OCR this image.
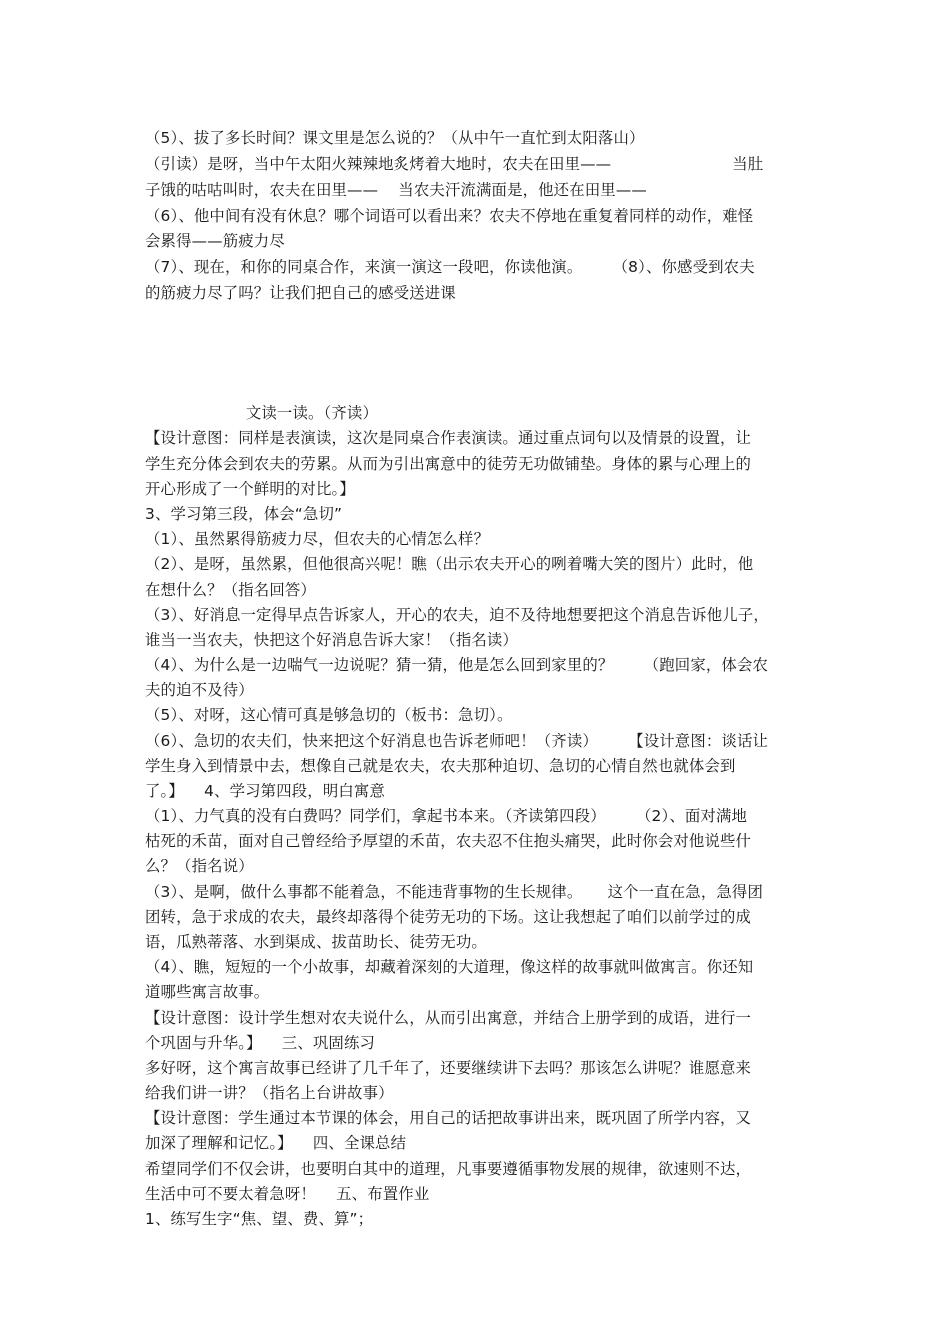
（5）、拔了多长时间？课文里是怎么说的？（从中午一直忙到太阳落山）
（引读）是呀，当中午太阳火辣辣地炙烤着大地时，农夫在田里——                        当肚
子饿的咕咕叫时，农夫在田里——    当农夫汗流满面是，他还在田里——
（6）、他中间有没有休息？哪个词语可以看出来？农夫不停地在重复着同样的动作，难怪
会累得——筋疲力尽
（7）、现在，和你的同桌合作，来演一演这一段吧，你读他演。      （8）、你感受到农夫
的筋疲力尽了吗？让我们把自己的感受送进课
文读一读。（齐读）
【设计意图：同样是表演读，这次是同桌合作表演读。通过重点词句以及情景的设置，让
学生充分体会到农夫的劳累。从而为引出寓意中的徒劳无功做铺垫。身体的累与心理上的
开心形成了一个鲜明的对比。】
3、学习第三段，体会“急切”
（1）、虽然累得筋疲力尽，但农夫的心情怎么样？
（2）、是呀，虽然累，但他很高兴呢！瞧（出示农夫开心的咧着嘴大笑的图片）此时，他
在想什么？（指名回答）
（3）、好消息一定得早点告诉家人，开心的农夫，迫不及待地想要把这个消息告诉他儿子，
谁当一当农夫，快把这个好消息告诉大家！（指名读）
（4）、为什么是一边喘气一边说呢？猜一猜，他是怎么回到家里的？      （跑回家，体会农
夫的迫不及待）
（5）、对呀，这心情可真是够急切的（板书：急切）。
（6）、急切的农夫们，快来把这个好消息也告诉老师吧！（齐读）      【设计意图：谈话让
学生身入到情景中去，想像自己就是农夫，农夫那种迫切、急切的心情自然也就体会到
了。】    4、学习第四段，明白寓意
（1）、力气真的没有白费吗？同学们，拿起书本来。（齐读第四段）      （2）、面对满地
枯死的禾苗，面对自己曾经给予厚望的禾苗，农夫忍不住抱头痛哭，此时你会对他说些什
么？（指名说）
（3）、是啊，做什么事都不能着急，不能违背事物的生长规律。     这个一直在急，急得团
团转，急于求成的农夫，最终却落得个徒劳无功的下场。这让我想起了咱们以前学过的成
语，瓜熟蒂落、水到渠成、拔苗助长、徒劳无功。
（4）、瞧，短短的一个小故事，却藏着深刻的大道理，像这样的故事就叫做寓言。你还知
道哪些寓言故事。
【设计意图：设计学生想对农夫说什么，从而引出寓意，并结合上册学到的成语，进行一
个巩固与升华。】    三、巩固练习
多好呀，这个寓言故事已经讲了几千年了，还要继续讲下去吗？那该怎么讲呢？谁愿意来
给我们讲一讲？（指名上台讲故事）
【设计意图：学生通过本节课的体会，用自己的话把故事讲出来，既巩固了所学内容，又
加深了理解和记忆。】    四、全课总结
希望同学们不仅会讲，也要明白其中的道理，凡事要遵循事物发展的规律，欲速则不达，
生活中可不要太着急呀！    五、布置作业
1、练写生字“焦、望、费、算”；
